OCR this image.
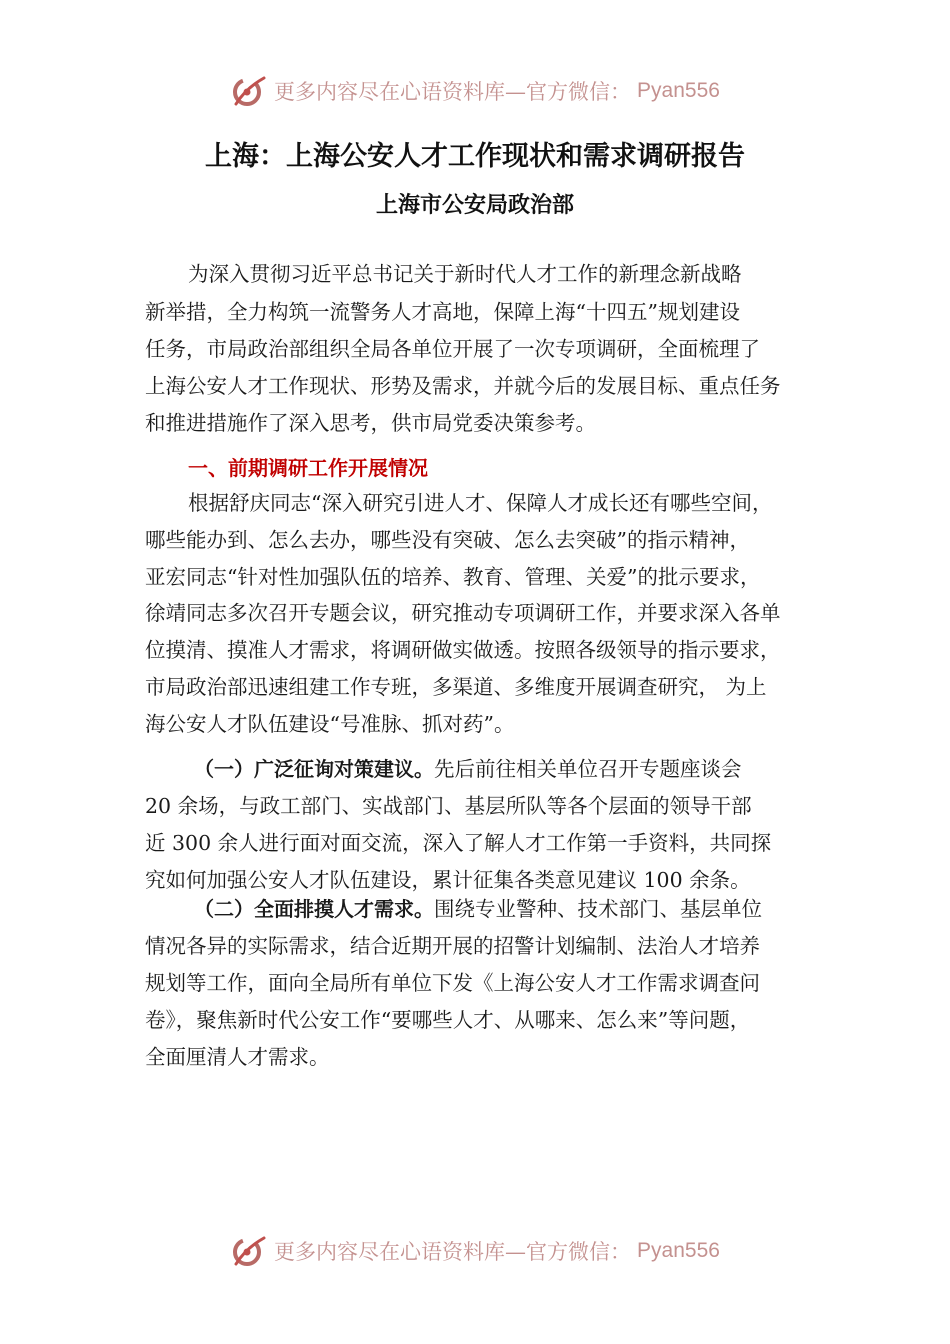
更多内容尽在心语资料库—官方微信： Pyan556
上海：上海公安人才工作现状和需求调研报告
上海市公安局政治部
为深入贯彻习近平总书记关于新时代人才工作的新理念新战略
新举措，全力构筑一流警务人才高地，保障上海“十四五”规划建设
任务，市局政治部组织全局各单位开展了一次专项调研，全面梳理了
上海公安人才工作现状、形势及需求，并就今后的发展目标、重点任务
和推进措施作了深入思考，供市局党委决策参考。
一、前期调研工作开展情况
根据舒庆同志“深入研究引进人才、保障人才成长还有哪些空间，
哪些能办到、怎么去办，哪些没有突破、怎么去突破”的指示精神，
亚宏同志“针对性加强队伍的培养、教育、管理、关爱”的批示要求，
徐靖同志多次召开专题会议，研究推动专项调研工作，并要求深入各单
位摸清、摸准人才需求，将调研做实做透。按照各级领导的指示要求，
市局政治部迅速组建工作专班，多渠道、多维度开展调查研究， 为上
海公安人才队伍建设“号准脉、抓对药”。
（一）广泛征询对策建议。先后前往相关单位召开专题座谈会
20 余场，与政工部门、实战部门、基层所队等各个层面的领导干部
近 300 余人进行面对面交流，深入了解人才工作第一手资料，共同探
究如何加强公安人才队伍建设，累计征集各类意见建议 100 余条。
（二）全面排摸人才需求。围绕专业警种、技术部门、基层单位
情况各异的实际需求，结合近期开展的招警计划编制、法治人才培养
规划等工作，面向全局所有单位下发《上海公安人才工作需求调查问
卷》，聚焦新时代公安工作“要哪些人才、从哪来、怎么来”等问题，
全面厘清人才需求。
更多内容尽在心语资料库—官方微信： Pyan556
